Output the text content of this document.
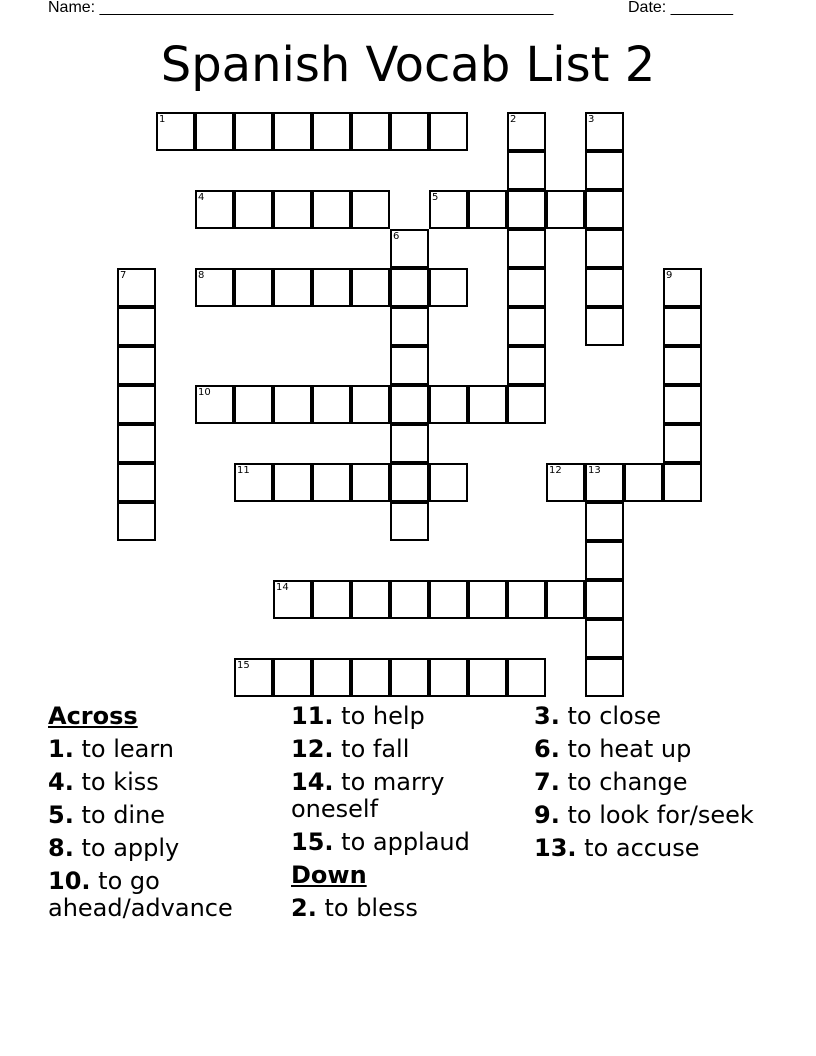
Name: ___________________________________________________	Date: _______
Spanish Vocab List 2
1	2	3
4	5
6
7	8	9
10
11	12	13
14
15
Across
1. to learn
4. to kiss
5. to dine
8. to apply
10. to go ahead/advance
11. to help
12. to fall
14. to marry oneself
15. to applaud
Down
2. to bless
3. to close
6. to heat up
7. to change
9. to look for/seek
13. to accuse
